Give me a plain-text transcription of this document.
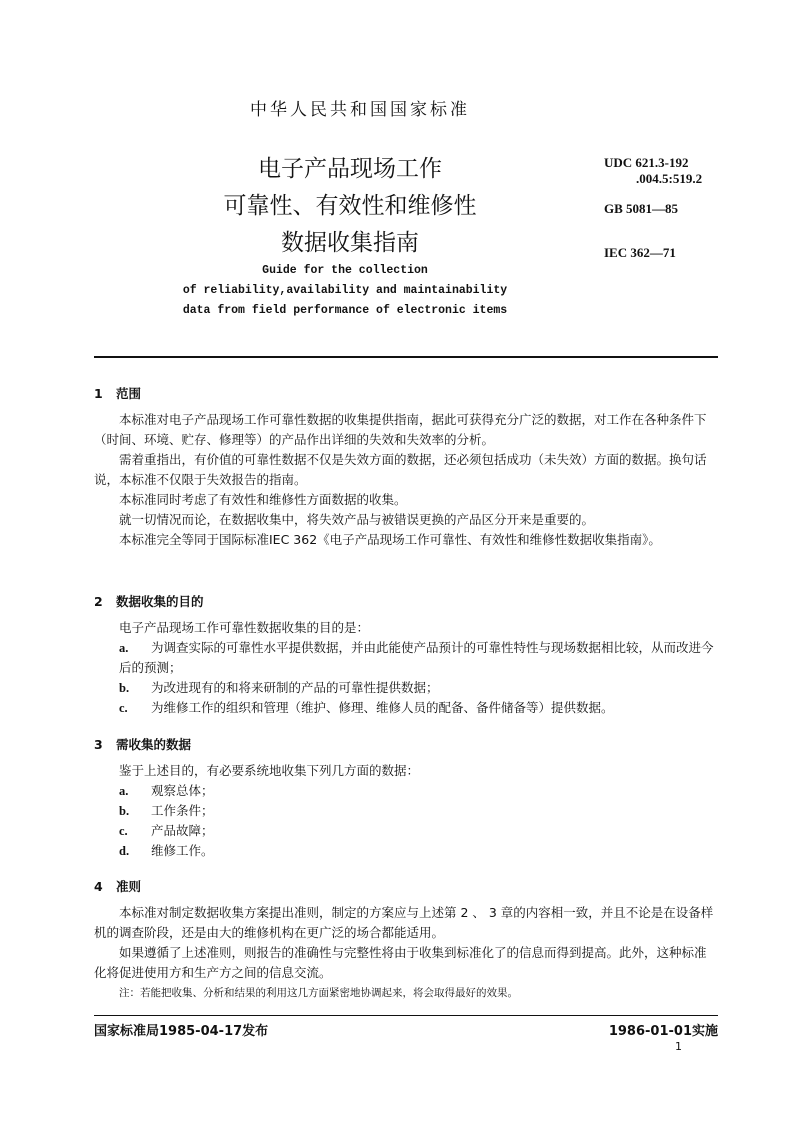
中华人民共和国国家标准
电子产品现场工作
可靠性、有效性和维修性
数据收集指南
UDC 621.3-192
.004.5:519.2
GB 5081—85
IEC 362—71
Guide for the collection
of reliability,availability and maintainability
data from field performance of electronic items

1 范围

本标准对电子产品现场工作可靠性数据的收集提供指南，据此可获得充分广泛的数据，对工作在各种条件下（时间、环境、贮存、修理等）的产品作出详细的失效和失效率的分析。

需着重指出，有价值的可靠性数据不仅是失效方面的数据，还必须包括成功（未失效）方面的数据。换句话说，本标准不仅限于失效报告的指南。

本标准同时考虑了有效性和维修性方面数据的收集。

就一切情况而论，在数据收集中，将失效产品与被错误更换的产品区分开来是重要的。

本标准完全等同于国际标准IEC 362《电子产品现场工作可靠性、有效性和维修性数据收集指南》。

2 数据收集的目的

电子产品现场工作可靠性数据收集的目的是：

a. 为调查实际的可靠性水平提供数据，并由此能使产品预计的可靠性特性与现场数据相比较，从而改进今后的预测；

b. 为改进现有的和将来研制的产品的可靠性提供数据；

c. 为维修工作的组织和管理（维护、修理、维修人员的配备、备件储备等）提供数据。

3 需收集的数据

鉴于上述目的，有必要系统地收集下列几方面的数据：

a. 观察总体；

b. 工作条件；

c. 产品故障；

d. 维修工作。

4 准则

本标准对制定数据收集方案提出准则，制定的方案应与上述第 2 、 3 章的内容相一致，并且不论是在设备样机的调查阶段，还是由大的维修机构在更广泛的场合都能适用。

如果遵循了上述准则，则报告的准确性与完整性将由于收集到标准化了的信息而得到提高。此外，这种标准化将促进使用方和生产方之间的信息交流。

注：若能把收集、分析和结果的利用这几方面紧密地协调起来，将会取得最好的效果。

国家标准局1985-04-17发布	1986-01-01实施
1
